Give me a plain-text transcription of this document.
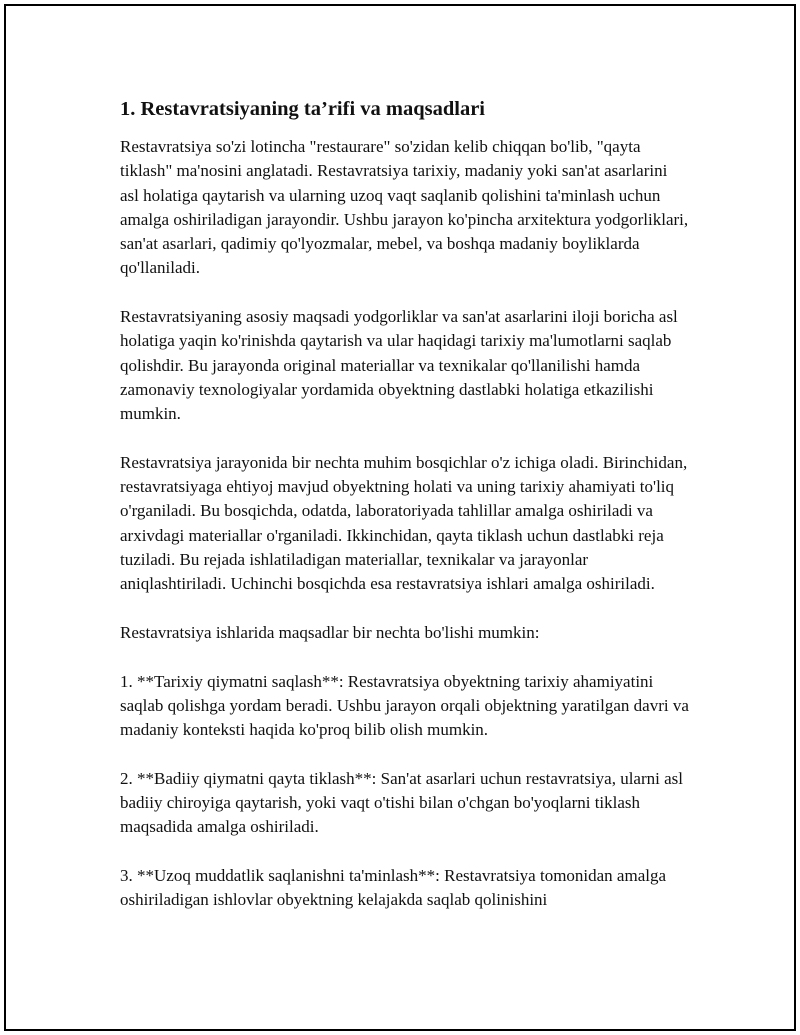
1. Restavratsiyaning ta’rifi va maqsadlari

Restavratsiya so'zi lotincha "restaurare" so'zidan kelib chiqqan bo'lib, "qayta tiklash" ma'nosini anglatadi. Restavratsiya tarixiy, madaniy yoki san'at asarlarini asl holatiga qaytarish va ularning uzoq vaqt saqlanib qolishini ta'minlash uchun amalga oshiriladigan jarayondir. Ushbu jarayon ko'pincha arxitektura yodgorliklari, san'at asarlari, qadimiy qo'lyozmalar, mebel, va boshqa madaniy boyliklarda qo'llaniladi.

Restavratsiyaning asosiy maqsadi yodgorliklar va san'at asarlarini iloji boricha asl holatiga yaqin ko'rinishda qaytarish va ular haqidagi tarixiy ma'lumotlarni saqlab qolishdir. Bu jarayonda original materiallar va texnikalar qo'llanilishi hamda zamonaviy texnologiyalar yordamida obyektning dastlabki holatiga etkazilishi mumkin.

Restavratsiya jarayonida bir nechta muhim bosqichlar o'z ichiga oladi. Birinchidan, restavratsiyaga ehtiyoj mavjud obyektning holati va uning tarixiy ahamiyati to'liq o'rganiladi. Bu bosqichda, odatda, laboratoriyada tahlillar amalga oshiriladi va arxivdagi materiallar o'rganiladi. Ikkinchidan, qayta tiklash uchun dastlabki reja tuziladi. Bu rejada ishlatiladigan materiallar, texnikalar va jarayonlar aniqlashtiriladi. Uchinchi bosqichda esa restavratsiya ishlari amalga oshiriladi.

Restavratsiya ishlarida maqsadlar bir nechta bo'lishi mumkin:

1. **Tarixiy qiymatni saqlash**: Restavratsiya obyektning tarixiy ahamiyatini saqlab qolishga yordam beradi. Ushbu jarayon orqali objektning yaratilgan davri va madaniy konteksti haqida ko'proq bilib olish mumkin.

2. **Badiiy qiymatni qayta tiklash**: San'at asarlari uchun restavratsiya, ularni asl badiiy chiroyiga qaytarish, yoki vaqt o'tishi bilan o'chgan bo'yoqlarni tiklash maqsadida amalga oshiriladi.

3. **Uzoq muddatlik saqlanishni ta'minlash**: Restavratsiya tomonidan amalga oshiriladigan ishlovlar obyektning kelajakda saqlab qolinishini
